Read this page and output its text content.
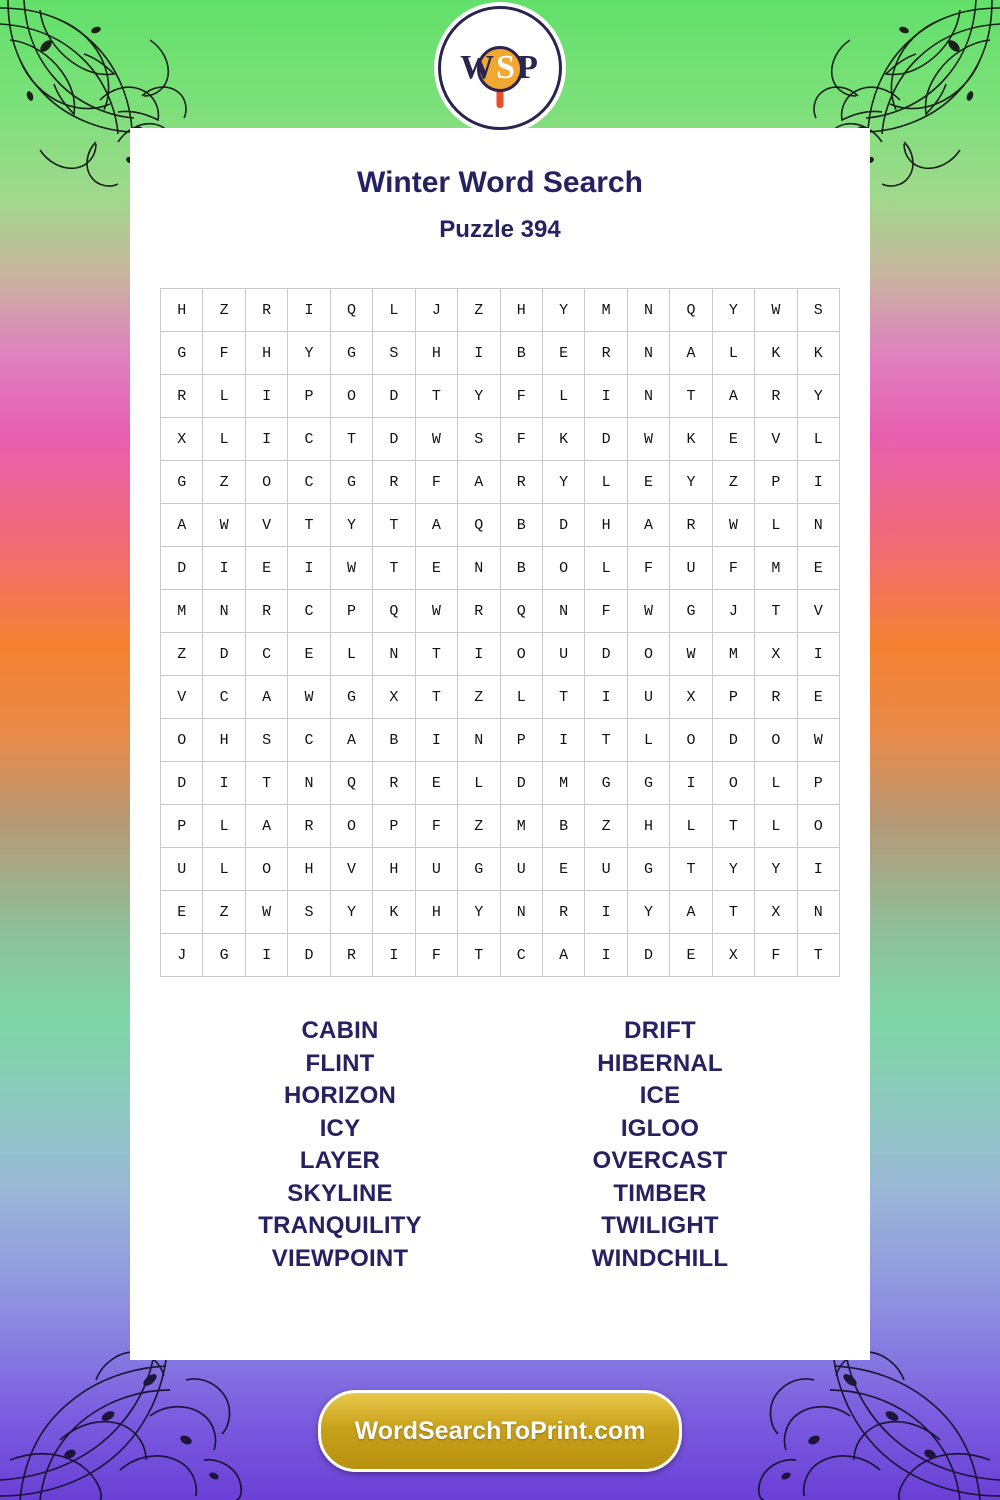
WSP
Winter Word Search
Puzzle 394
H	Z	R	I	Q	L	J	Z	H	Y	M	N	Q	Y	W	S
G	F	H	Y	G	S	H	I	B	E	R	N	A	L	K	K
R	L	I	P	O	D	T	Y	F	L	I	N	T	A	R	Y
X	L	I	C	T	D	W	S	F	K	D	W	K	E	V	L
G	Z	O	C	G	R	F	A	R	Y	L	E	Y	Z	P	I
A	W	V	T	Y	T	A	Q	B	D	H	A	R	W	L	N
D	I	E	I	W	T	E	N	B	O	L	F	U	F	M	E
M	N	R	C	P	Q	W	R	Q	N	F	W	G	J	T	V
Z	D	C	E	L	N	T	I	O	U	D	O	W	M	X	I
V	C	A	W	G	X	T	Z	L	T	I	U	X	P	R	E
O	H	S	C	A	B	I	N	P	I	T	L	O	D	O	W
D	I	T	N	Q	R	E	L	D	M	G	G	I	O	L	P
P	L	A	R	O	P	F	Z	M	B	Z	H	L	T	L	O
U	L	O	H	V	H	U	G	U	E	U	G	T	Y	Y	I
E	Z	W	S	Y	K	H	Y	N	R	I	Y	A	T	X	N
J	G	I	D	R	I	F	T	C	A	I	D	E	X	F	T
CABIN
FLINT
HORIZON
ICY
LAYER
SKYLINE
TRANQUILITY
VIEWPOINT
DRIFT
HIBERNAL
ICE
IGLOO
OVERCAST
TIMBER
TWILIGHT
WINDCHILL
WordSearchToPrint.com
